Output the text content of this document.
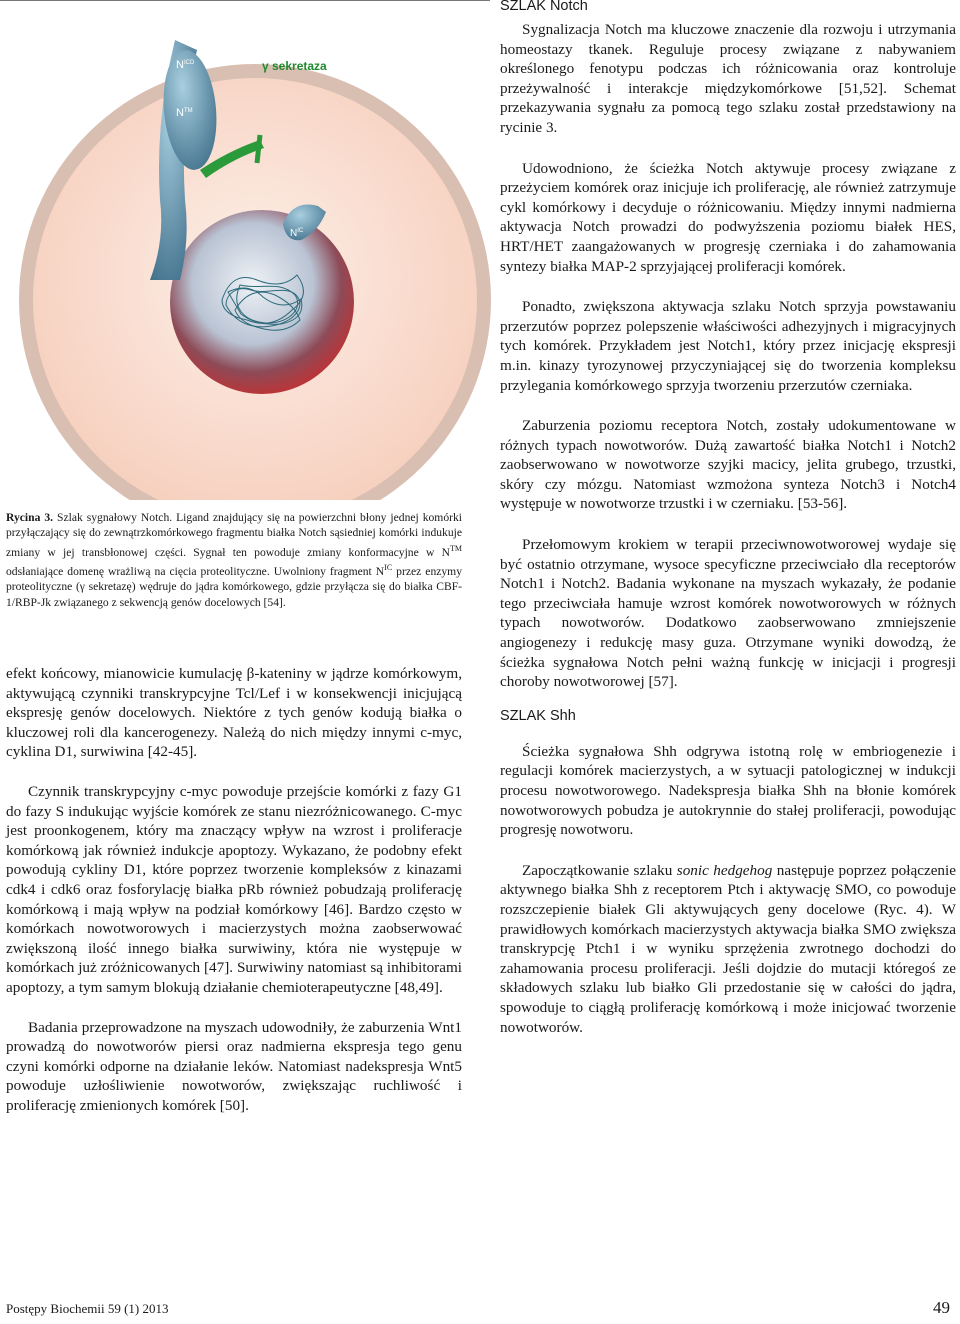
$N^{ICD}$
N™
γ sekretaza
$N^{IC}$
Rycina 3. Szlak sygnałowy Notch. Ligand znajdujący się na powierzchni błony jednej komórki przyłączający się do zewnątrzkomórkowego fragmentu białka Notch sąsiedniej komórki indukuje zmiany w jej transbłonowej części. Sygnał ten powoduje zmiany konformacyjne w N™ odsłaniające domenę wrażliwą na cięcia proteolityczne. Uwolniony fragment $N^{IC}$ przez enzymy proteolityczne (γ sekretazę) wędruje do jądra komórkowego, gdzie przyłącza się do białka CBF-1/RBP-Jk związanego z sekwencją genów docelowych [54].

efekt końcowy, mianowicie kumulację β-kateniny w jądrze komórkowym, aktywującą czynniki transkrypcyjne Tcl/Lef i w konsekwencji inicjującą ekspresję genów docelowych. Niektóre z tych genów kodują białka o kluczowej roli dla kancerogenezy. Należą do nich między innymi c-myc, cyklina D1, surwiwina [42-45].

Czynnik transkrypcyjny c-myc powoduje przejście komórki z fazy G1 do fazy S indukując wyjście komórek ze stanu niezróżnicowanego. C-myc jest proonkogenem, który ma znaczący wpływ na wzrost i proliferacje komórkową jak również indukcje apoptozy. Wykazano, że podobny efekt powodują cykliny D1, które poprzez tworzenie kompleksów z kinazami cdk4 i cdk6 oraz fosforylację białka pRb również pobudzają proliferację komórkową i mają wpływ na podział komórkowy [46]. Bardzo często w komórkach nowotworowych i macierzystych można zaobserwować zwiększoną ilość innego białka surwiwiny, która nie występuje w komórkach już zróżnicowanych [47]. Surwiwiny natomiast są inhibitorami apoptozy, a tym samym blokują działanie chemioterapeutyczne [48,49].

Badania przeprowadzone na myszach udowodniły, że zaburzenia Wnt1 prowadzą do nowotworów piersi oraz nadmierna ekspresja tego genu czyni komórki odporne na działanie leków. Natomiast nadekspresja Wnt5 powoduje uzłośliwienie nowotworów, zwiększając ruchliwość i proliferację zmienionych komórek [50].

SZLAK Notch

Sygnalizacja Notch ma kluczowe znaczenie dla rozwoju i utrzymania homeostazy tkanek. Reguluje procesy związane z nabywaniem określonego fenotypu podczas ich różnicowania oraz kontroluje przeżywalność i interakcje międzykomórkowe [51,52]. Schemat przekazywania sygnału za pomocą tego szlaku został przedstawiony na rycinie 3.

Udowodniono, że ścieżka Notch aktywuje procesy związane z przeżyciem komórek oraz inicjuje ich proliferację, ale również zatrzymuje cykl komórkowy i decyduje o różnicowaniu. Między innymi nadmierna aktywacja Notch prowadzi do podwyższenia poziomu białek HES, HRT/HET zaangażowanych w progresję czerniaka i do zahamowania syntezy białka MAP-2 sprzyjającej proliferacji komórek.

Ponadto, zwiększona aktywacja szlaku Notch sprzyja powstawaniu przerzutów poprzez polepszenie właściwości adhezyjnych i migracyjnych tych komórek. Przykładem jest Notch1, który przez inicjację ekspresji m.in. kinazy tyrozynowej przyczyniającej się do tworzenia kompleksu przylegania komórkowego sprzyja tworzeniu przerzutów czerniaka.

Zaburzenia poziomu receptora Notch, zostały udokumentowane w różnych typach nowotworów. Dużą zawartość białka Notch1 i Notch2 zaobserwowano w nowotworze szyjki macicy, jelita grubego, trzustki, skóry czy mózgu. Natomiast wzmożona synteza Notch3 i Notch4 występuje w nowotworze trzustki i w czerniaku. [53-56].

Przełomowym krokiem w terapii przeciwnowotworowej wydaje się być ostatnio otrzymane, wysoce specyficzne przeciwciało dla receptorów Notch1 i Notch2. Badania wykonane na myszach wykazały, że podanie tego przeciwciała hamuje wzrost komórek nowotworowych w różnych typach nowotworów. Dodatkowo zaobserwowano zmniejszenie angiogenezy i redukcję masy guza. Otrzymane wyniki dowodzą, że ścieżka sygnałowa Notch pełni ważną funkcję w inicjacji i progresji choroby nowotworowej [57].

SZLAK Shh

Ścieżka sygnałowa Shh odgrywa istotną rolę w embriogenezie i regulacji komórek macierzystych, a w sytuacji patologicznej w indukcji procesu nowotworowego. Nadekspresja białka Shh na błonie komórek nowotworowych pobudza je autokrynnie do stałej proliferacji, powodując progresję nowotworu.

Zapoczątkowanie szlaku sonic hedgehog następuje poprzez połączenie aktywnego białka Shh z receptorem Ptch i aktywację SMO, co powoduje rozszczepienie białek Gli aktywujących geny docelowe (Ryc. 4). W prawidłowych komórkach macierzystych aktywacja białka SMO zwiększa transkrypcję Ptch1 i w wyniku sprzężenia zwrotnego dochodzi do zahamowania procesu proliferacji. Jeśli dojdzie do mutacji któregoś ze składowych szlaku lub białko Gli przedostanie się w całości do jądra, spowoduje to ciągłą proliferację komórkową i może inicjować tworzenie nowotworów.

Postępy Biochemii 59 (1) 2013	49
